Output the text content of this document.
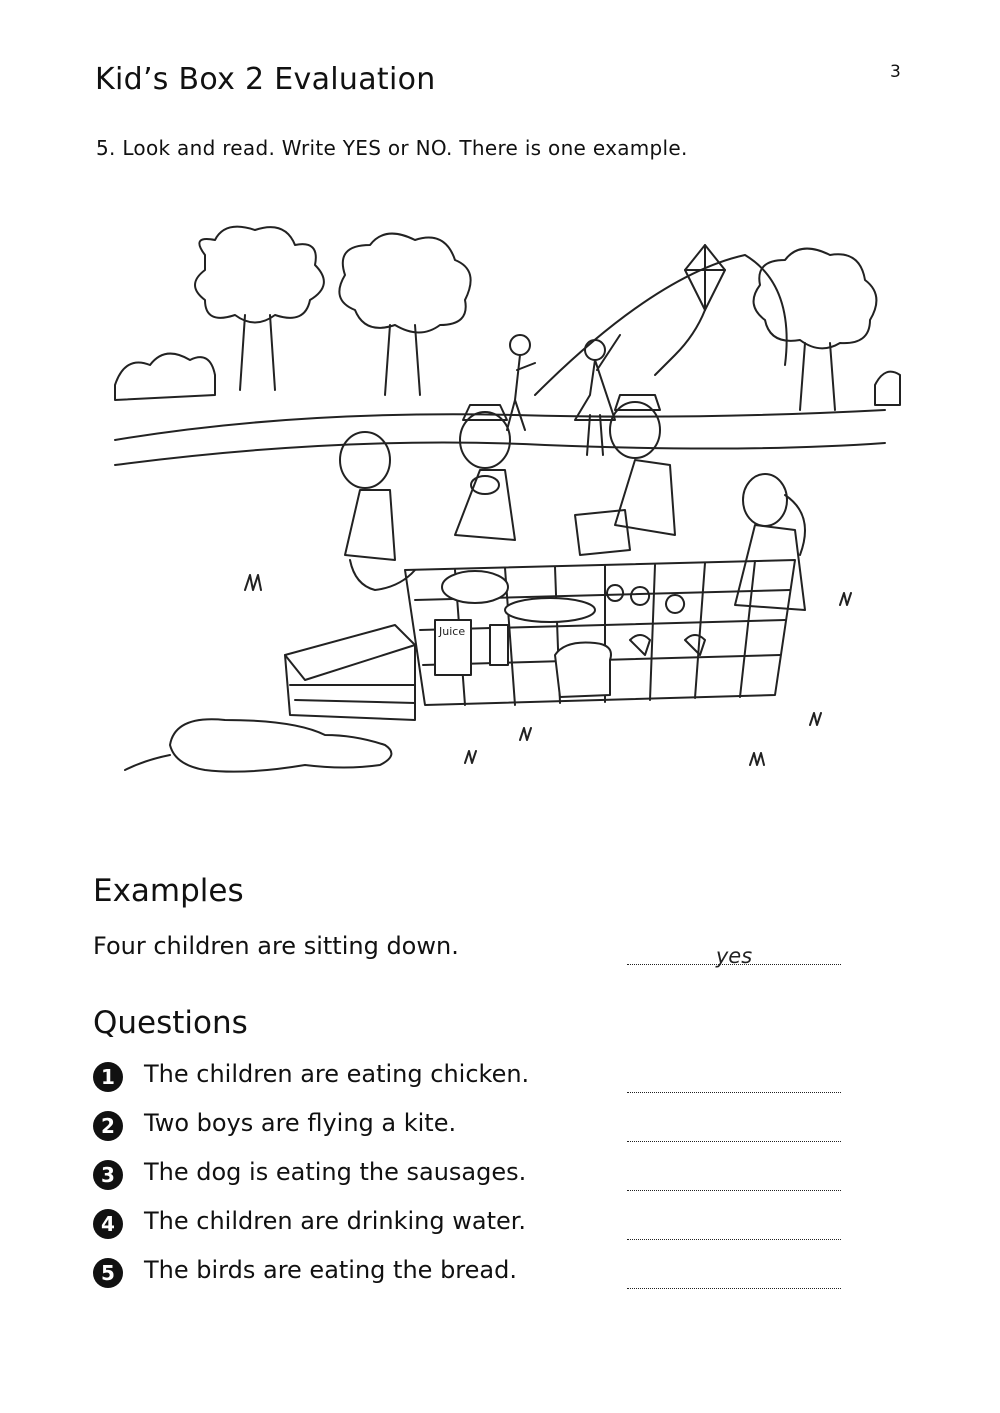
3
Kid’s Box 2 Evaluation
5. Look and read. Write YES or NO. There is one example.
Juice
Examples
Four children are sitting down.	yes
Questions
1	The children are eating chicken.
2	Two boys are flying a kite.
3	The dog is eating the sausages.
4	The children are drinking water.
5	The birds are eating the bread.
